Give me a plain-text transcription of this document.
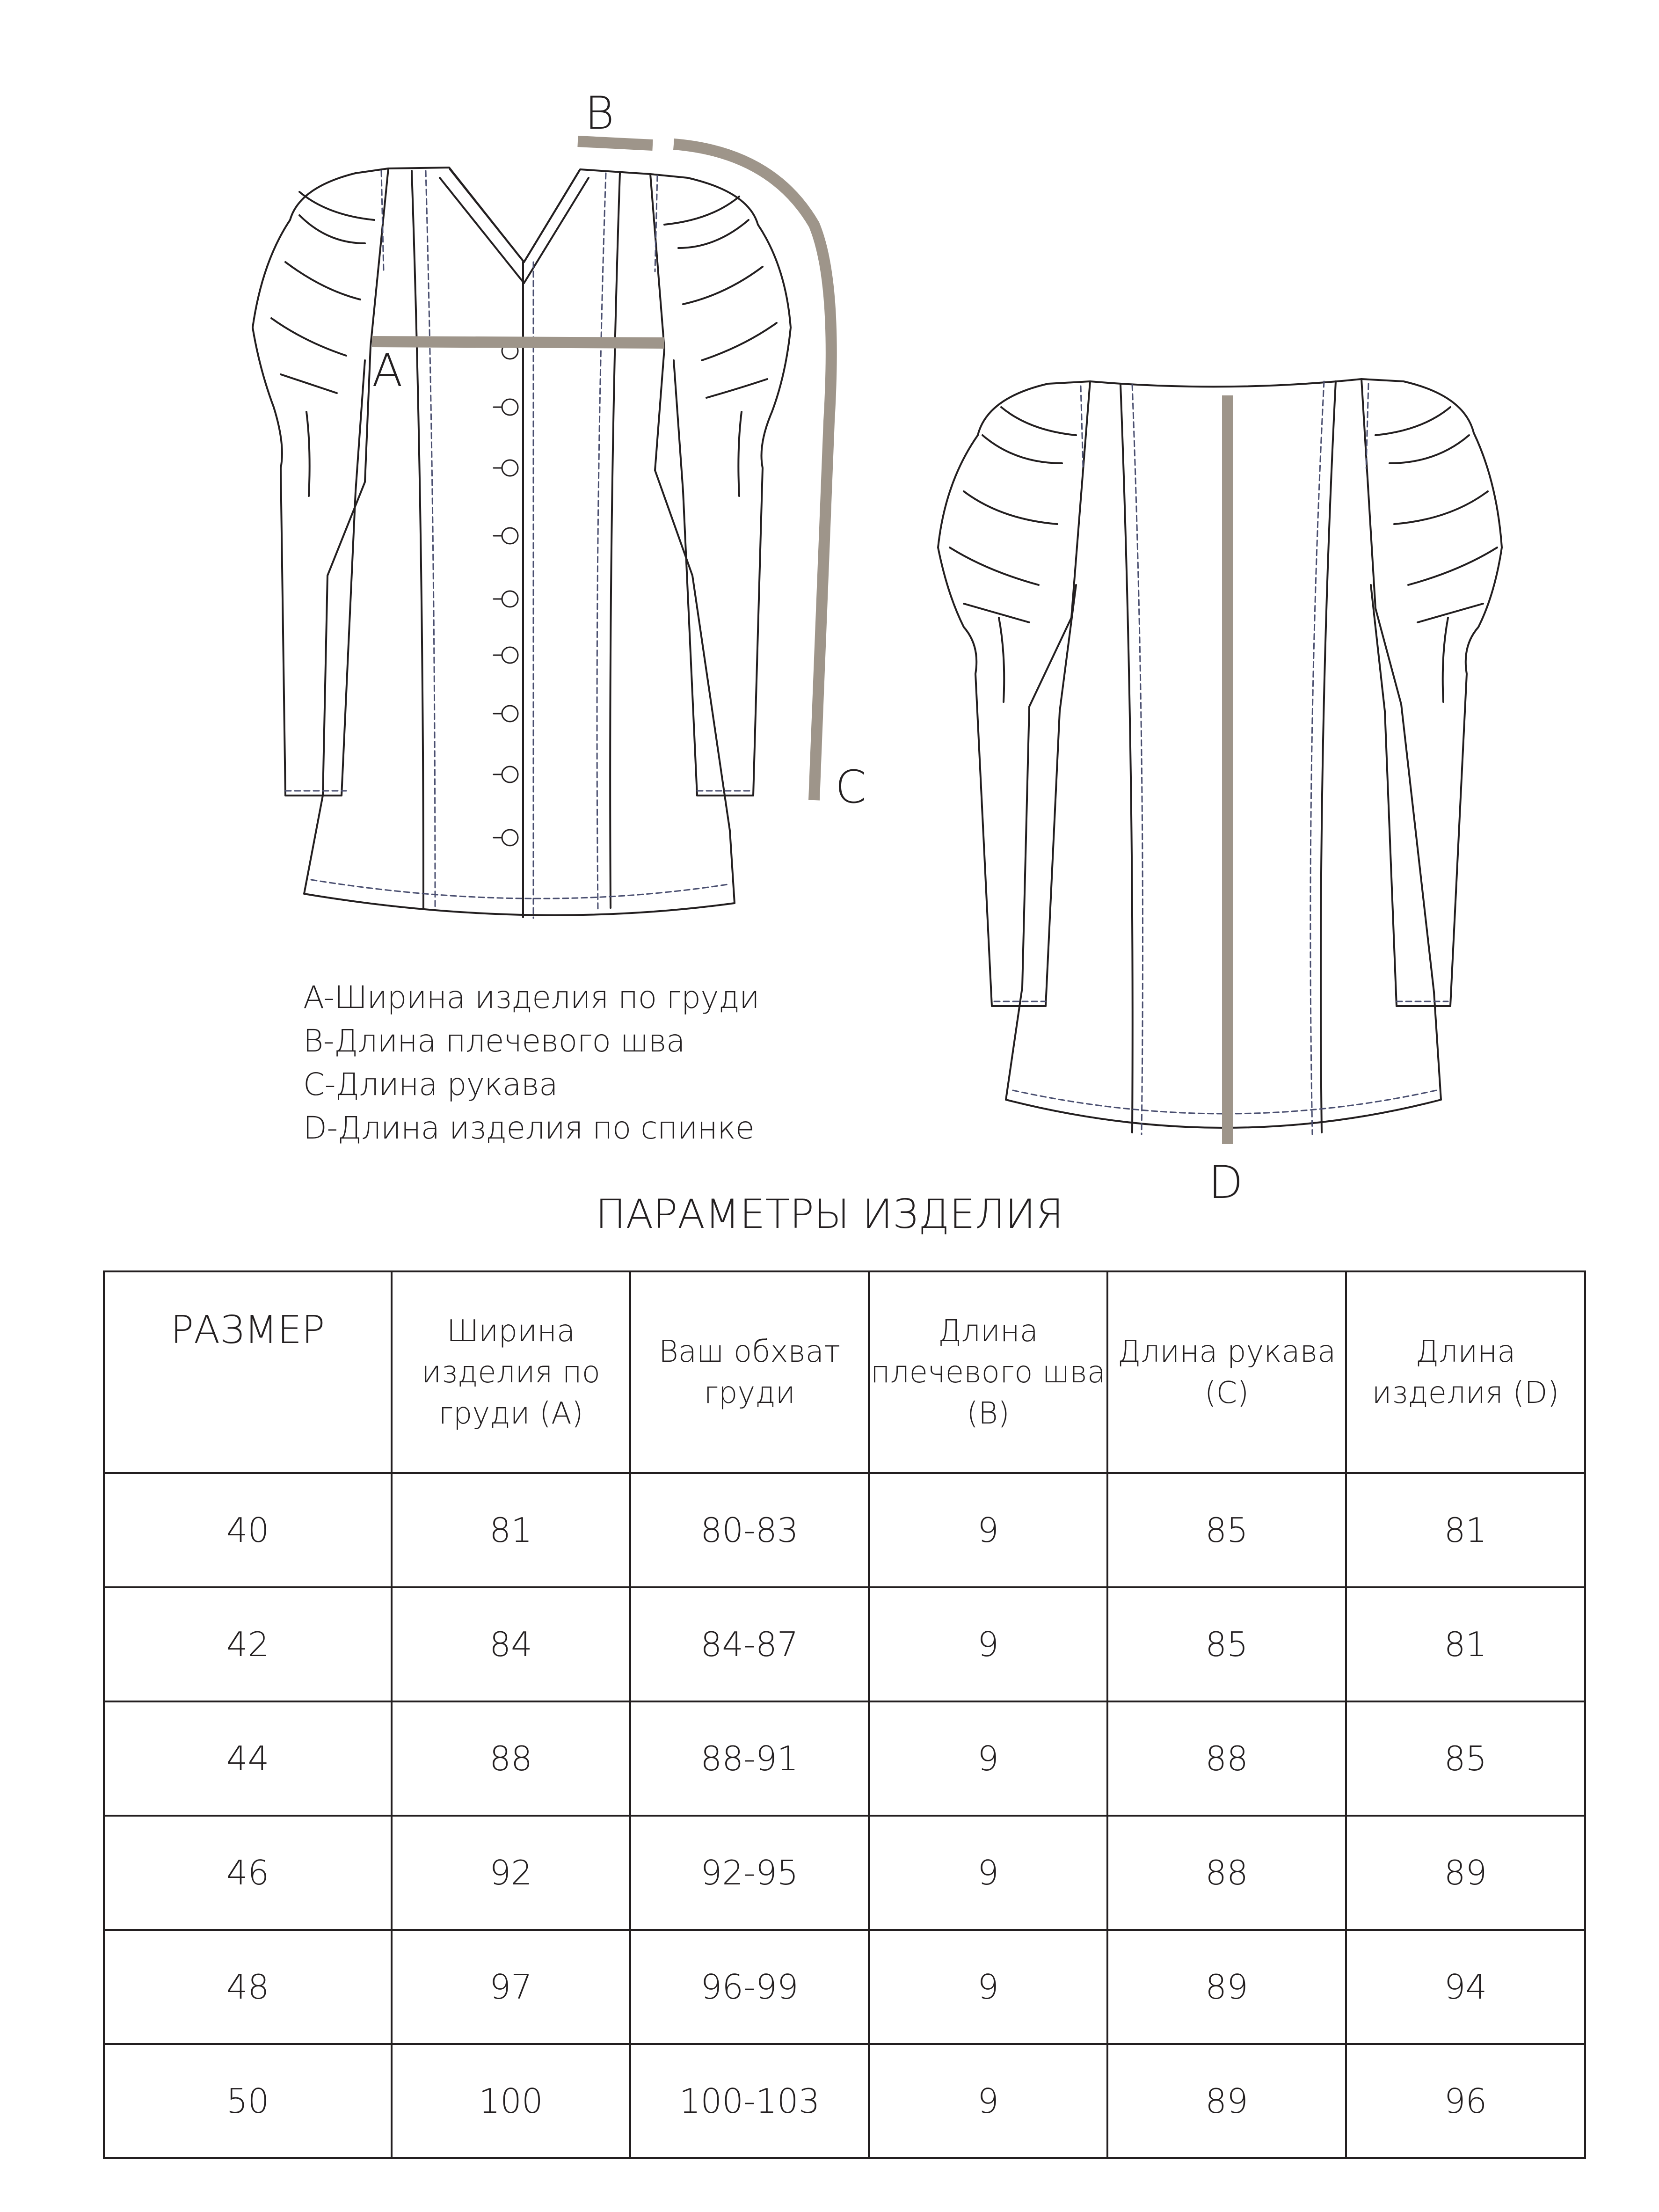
A
B
C
D
A-Ширина изделия по груди
B-Длина плечевого шва
C-Длина рукава
D-Длина изделия по спинке
ПАРАМЕТРЫ ИЗДЕЛИЯ
РАЗМЕР	Ширина изделия по груди (A)	Ваш обхват груди	Длина плечевого шва (B)	Длина рукава (C)	Длина изделия (D)
40	81	80-83	9	85	81
42	84	84-87	9	85	81
44	88	88-91	9	88	85
46	92	92-95	9	88	89
48	97	96-99	9	89	94
50	100	100-103	9	89	96
